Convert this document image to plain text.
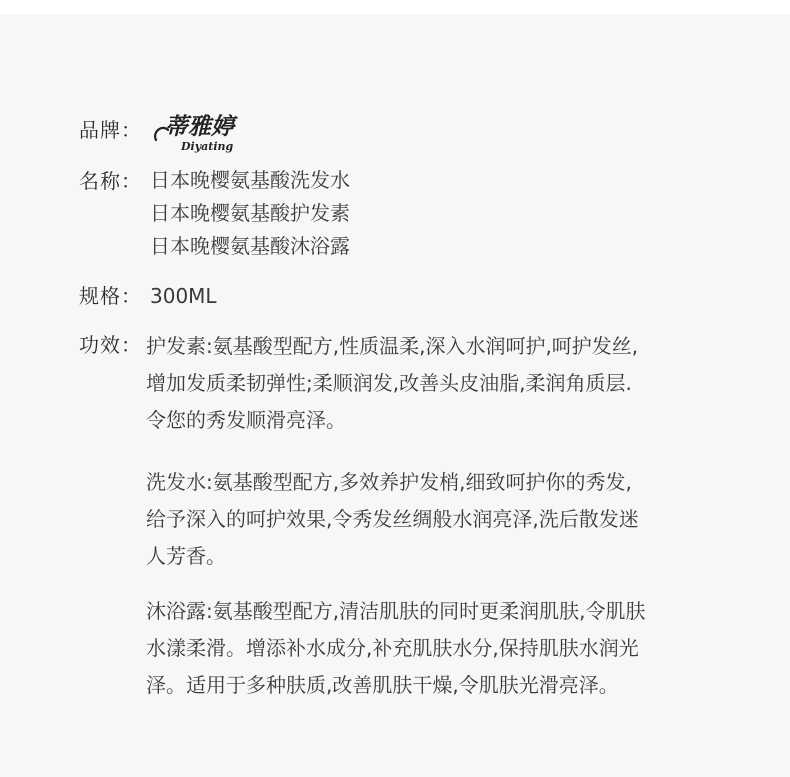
品牌： 蒂雅婷
Diyating
名称： 日本晚樱氨基酸洗发水
日本晚樱氨基酸护发素
日本晚樱氨基酸沐浴露
规格： 300ML
功效： 护发素:氨基酸型配方,性质温柔,深入水润呵护,呵护发丝,
增加发质柔韧弹性;柔顺润发,改善头皮油脂,柔润角质层.
令您的秀发顺滑亮泽。
洗发水:氨基酸型配方,多效养护发梢,细致呵护你的秀发,
给予深入的呵护效果,令秀发丝绸般水润亮泽,洗后散发迷
人芳香。
沐浴露:氨基酸型配方,清洁肌肤的同时更柔润肌肤,令肌肤
水漾柔滑。增添补水成分,补充肌肤水分,保持肌肤水润光
泽。适用于多种肤质,改善肌肤干燥,令肌肤光滑亮泽。
